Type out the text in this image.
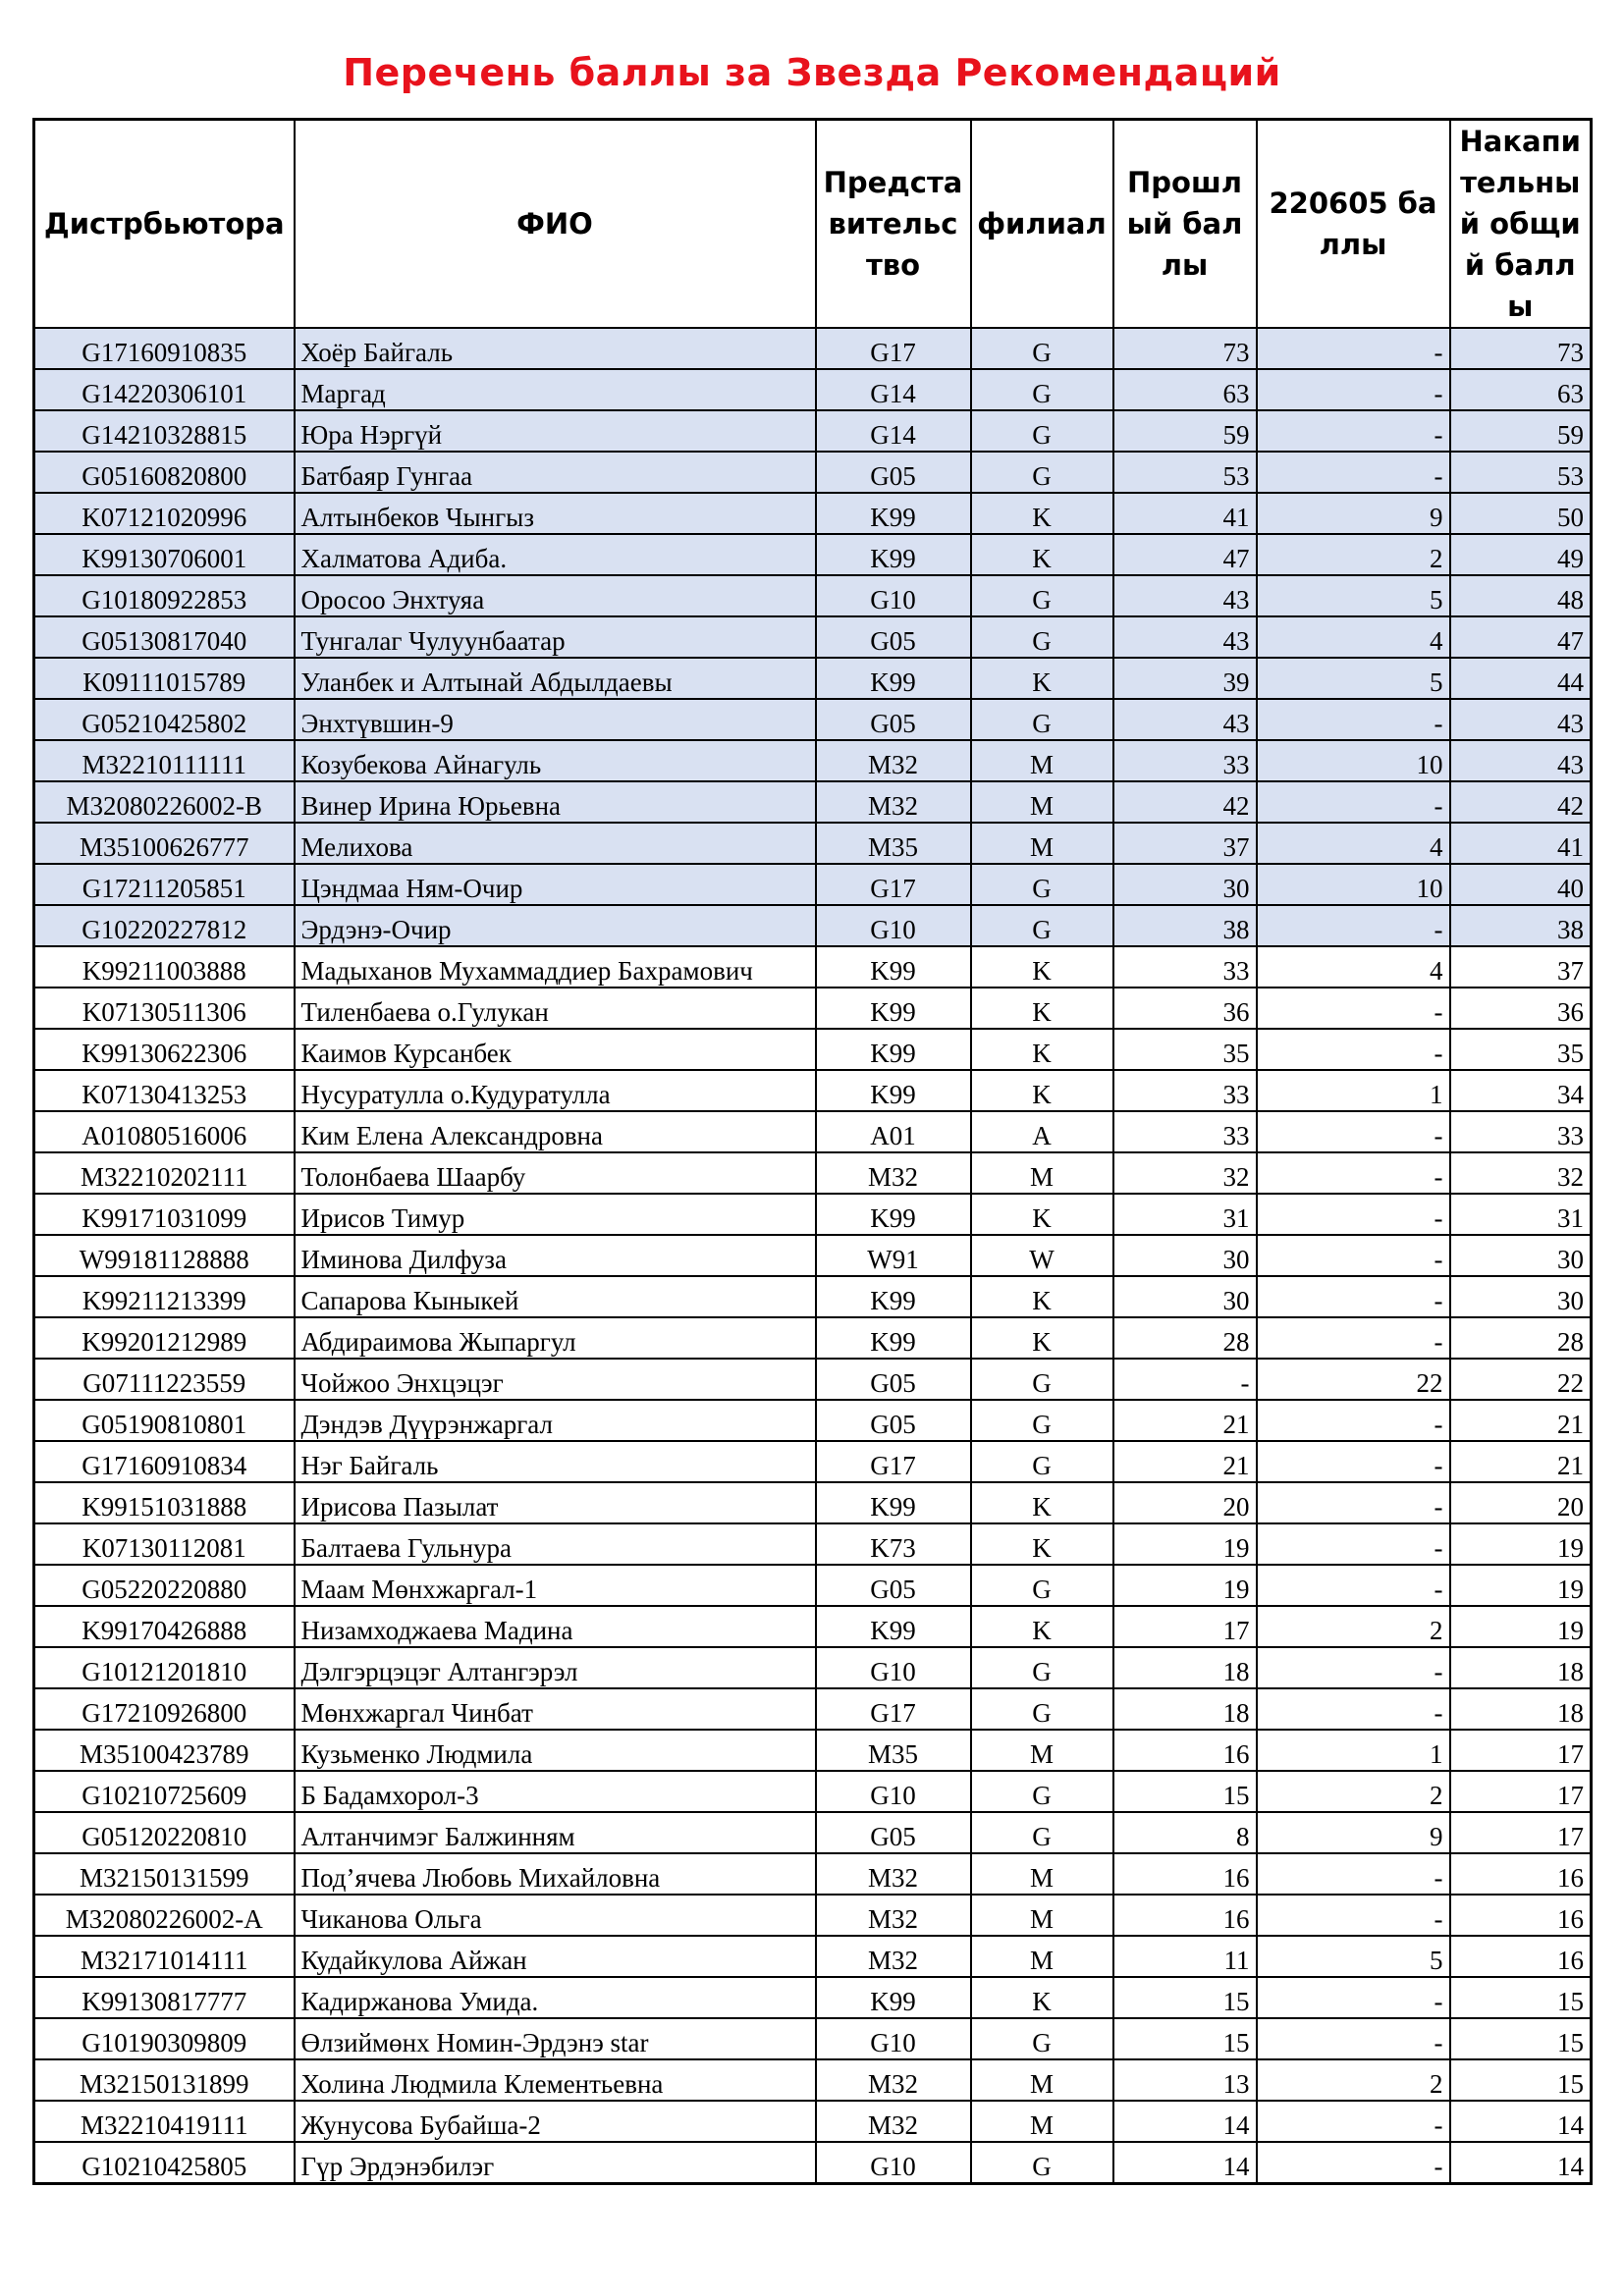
Перечень баллы за Звезда Рекомендаций
Дистрбьютора	ФИО	Представительство	филиал	Прошлый баллы	220605 баллы	Накапительный общий баллы
G17160910835	Хоёр Байгаль	G17	G	73	-	73
G14220306101	Маргад	G14	G	63	-	63
G14210328815	Юра Нэргүй	G14	G	59	-	59
G05160820800	Батбаяр Гунгаа	G05	G	53	-	53
K07121020996	Алтынбеков Чынгыз	K99	K	41	9	50
K99130706001	Халматова Адиба.	K99	K	47	2	49
G10180922853	Оросоо Энхтуяа	G10	G	43	5	48
G05130817040	Тунгалаг Чулуунбаатар	G05	G	43	4	47
K09111015789	Уланбек и Алтынай Абдылдаевы	K99	K	39	5	44
G05210425802	Энхтүвшин-9	G05	G	43	-	43
M32210111111	Козубекова Айнагуль	M32	M	33	10	43
M32080226002-B	Винер Ирина Юрьевна	M32	M	42	-	42
M35100626777	Мелихова	M35	M	37	4	41
G17211205851	Цэндмаа Ням-Очир	G17	G	30	10	40
G10220227812	Эрдэнэ-Очир	G10	G	38	-	38
K99211003888	Мадыханов Мухаммаддиер Бахрамович	K99	K	33	4	37
K07130511306	Тиленбаева о.Гулукан	K99	K	36	-	36
K99130622306	Каимов Курсанбек	K99	K	35	-	35
K07130413253	Нусуратулла о.Кудуратулла	K99	K	33	1	34
A01080516006	Ким Елена Александровна	A01	A	33	-	33
M32210202111	Толонбаева Шаарбу	M32	M	32	-	32
K99171031099	Ирисов Тимур	K99	K	31	-	31
W99181128888	Иминова Дилфуза	W91	W	30	-	30
K99211213399	Сапарова Кыныкей	K99	K	30	-	30
K99201212989	Абдираимова Жыпаргул	K99	K	28	-	28
G07111223559	Чойжоо Энхцэцэг	G05	G	-	22	22
G05190810801	Дэндэв Дүүрэнжаргал	G05	G	21	-	21
G17160910834	Нэг Байгаль	G17	G	21	-	21
K99151031888	Ирисова Пазылат	K99	K	20	-	20
K07130112081	Балтаева Гульнура	K73	K	19	-	19
G05220220880	Маам Мөнхжаргал-1	G05	G	19	-	19
K99170426888	Низамходжаева Мадина	K99	K	17	2	19
G10121201810	Дэлгэрцэцэг Алтангэрэл	G10	G	18	-	18
G17210926800	Мөнхжаргал Чинбат	G17	G	18	-	18
M35100423789	Кузьменко Людмила	M35	M	16	1	17
G10210725609	Б Бадамхорол-3	G10	G	15	2	17
G05120220810	Алтанчимэг Балжинням	G05	G	8	9	17
M32150131599	Под’ячева Любовь Михайловна	M32	M	16	-	16
M32080226002-A	Чиканова Ольга	M32	M	16	-	16
M32171014111	Кудайкулова Айжан	M32	M	11	5	16
K99130817777	Кадиржанова Умида.	K99	K	15	-	15
G10190309809	Өлзиймөнх Номин-Эрдэнэ star	G10	G	15	-	15
M32150131899	Холина Людмила Клементьевна	M32	M	13	2	15
M32210419111	Жунусова Бубайша-2	M32	M	14	-	14
G10210425805	Гүр Эрдэнэбилэг	G10	G	14	-	14
